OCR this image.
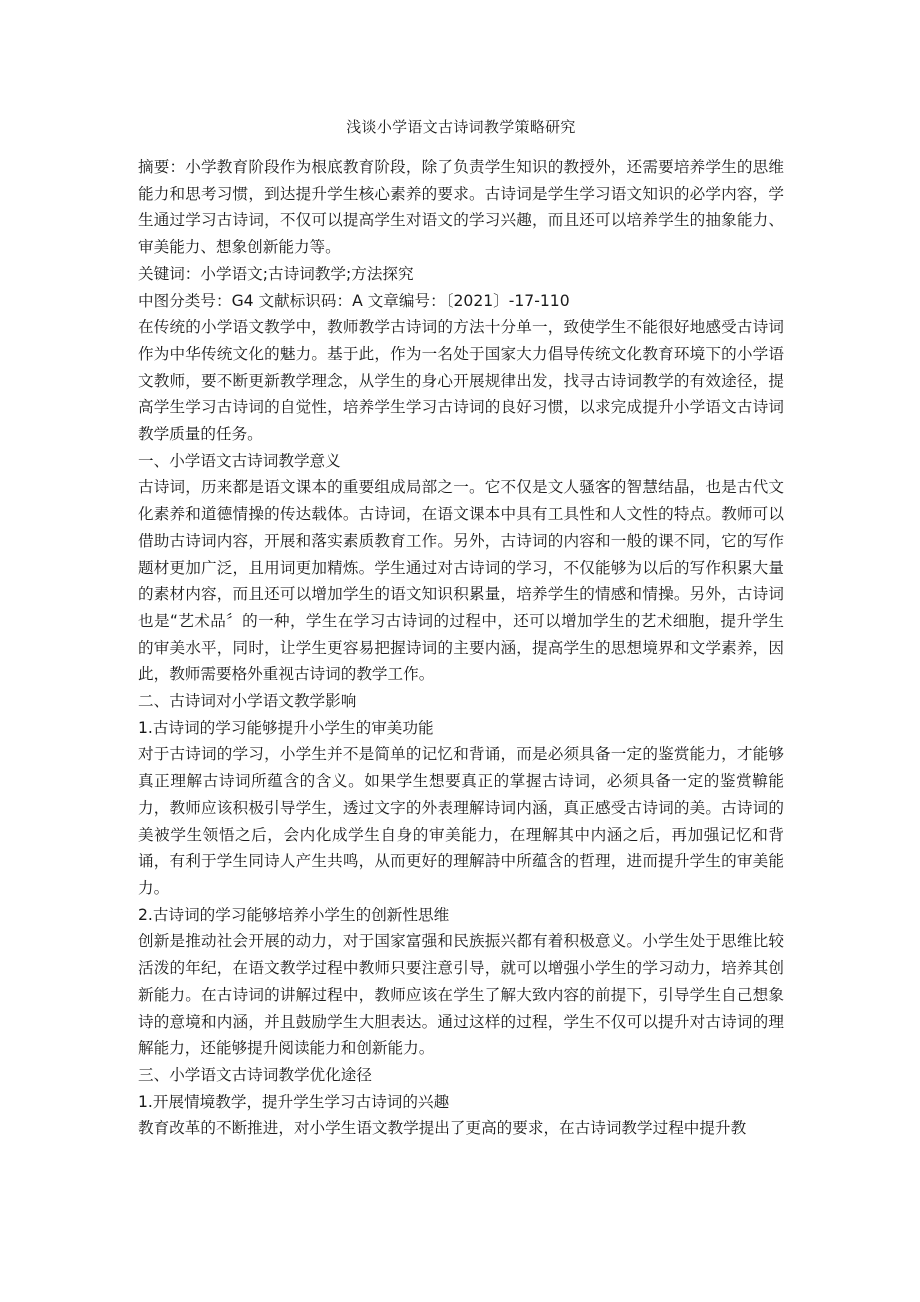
浅谈小学语文古诗词教学策略研究

摘要：小学教育阶段作为根底教育阶段，除了负责学生知识的教授外，还需要培养学生的思维能力和思考习惯，到达提升学生核心素养的要求。古诗词是学生学习语文知识的必学内容，学生通过学习古诗词，不仅可以提高学生对语文的学习兴趣，而且还可以培养学生的抽象能力、审美能力、想象创新能力等。

关键词：小学语文;古诗词教学;方法探究

中图分类号：G4 文献标识码：A 文章编号：〔2021〕-17-110

在传统的小学语文教学中，教师教学古诗词的方法十分单一，致使学生不能很好地感受古诗词作为中华传统文化的魅力。基于此，作为一名处于国家大力倡导传统文化教育环境下的小学语文教师，要不断更新教学理念，从学生的身心开展规律出发，找寻古诗词教学的有效途径，提高学生学习古诗词的自觉性，培养学生学习古诗词的良好习惯，以求完成提升小学语文古诗词教学质量的任务。

一、小学语文古诗词教学意义

古诗词，历来都是语文课本的重要组成局部之一。它不仅是文人骚客的智慧结晶，也是古代文化素养和道德情操的传达载体。古诗词，在语文课本中具有工具性和人文性的特点。教师可以借助古诗词内容，开展和落实素质教育工作。另外，古诗词的内容和一般的课不同，它的写作题材更加广泛，且用词更加精炼。学生通过对古诗词的学习，不仅能够为以后的写作积累大量的素材内容，而且还可以增加学生的语文知识积累量，培养学生的情感和情操。另外，古诗词也是“艺术品〞的一种，学生在学习古诗词的过程中，还可以增加学生的艺术细胞，提升学生的审美水平，同时，让学生更容易把握诗词的主要内涵，提高学生的思想境界和文学素养，因此，教师需要格外重视古诗词的教学工作。

二、古诗词对小学语文教学影响

1.古诗词的学习能够提升小学生的审美功能

对于古诗词的学习，小学生并不是简单的记忆和背诵，而是必须具备一定的鉴赏能力，才能够真正理解古诗词所蕴含的含义。如果学生想要真正的掌握古诗词，必须具备一定的鉴赏鞥能力，教师应该积极引导学生，透过文字的外表理解诗词内涵，真正感受古诗词的美。古诗词的美被学生领悟之后，会内化成学生自身的审美能力，在理解其中内涵之后，再加强记忆和背诵，有利于学生同诗人产生共鸣，从而更好的理解詩中所蕴含的哲理，进而提升学生的审美能力。

2.古诗词的学习能够培养小学生的创新性思维

创新是推动社会开展的动力，对于国家富强和民族振兴都有着积极意义。小学生处于思维比较活泼的年纪，在语文教学过程中教师只要注意引导，就可以增强小学生的学习动力，培养其创新能力。在古诗词的讲解过程中，教师应该在学生了解大致内容的前提下，引导学生自己想象诗的意境和内涵，并且鼓励学生大胆表达。通过这样的过程，学生不仅可以提升对古诗词的理解能力，还能够提升阅读能力和创新能力。

三、小学语文古诗词教学优化途径

1.开展情境教学，提升学生学习古诗词的兴趣

教育改革的不断推进，对小学生语文教学提出了更高的要求，在古诗词教学过程中提升教
